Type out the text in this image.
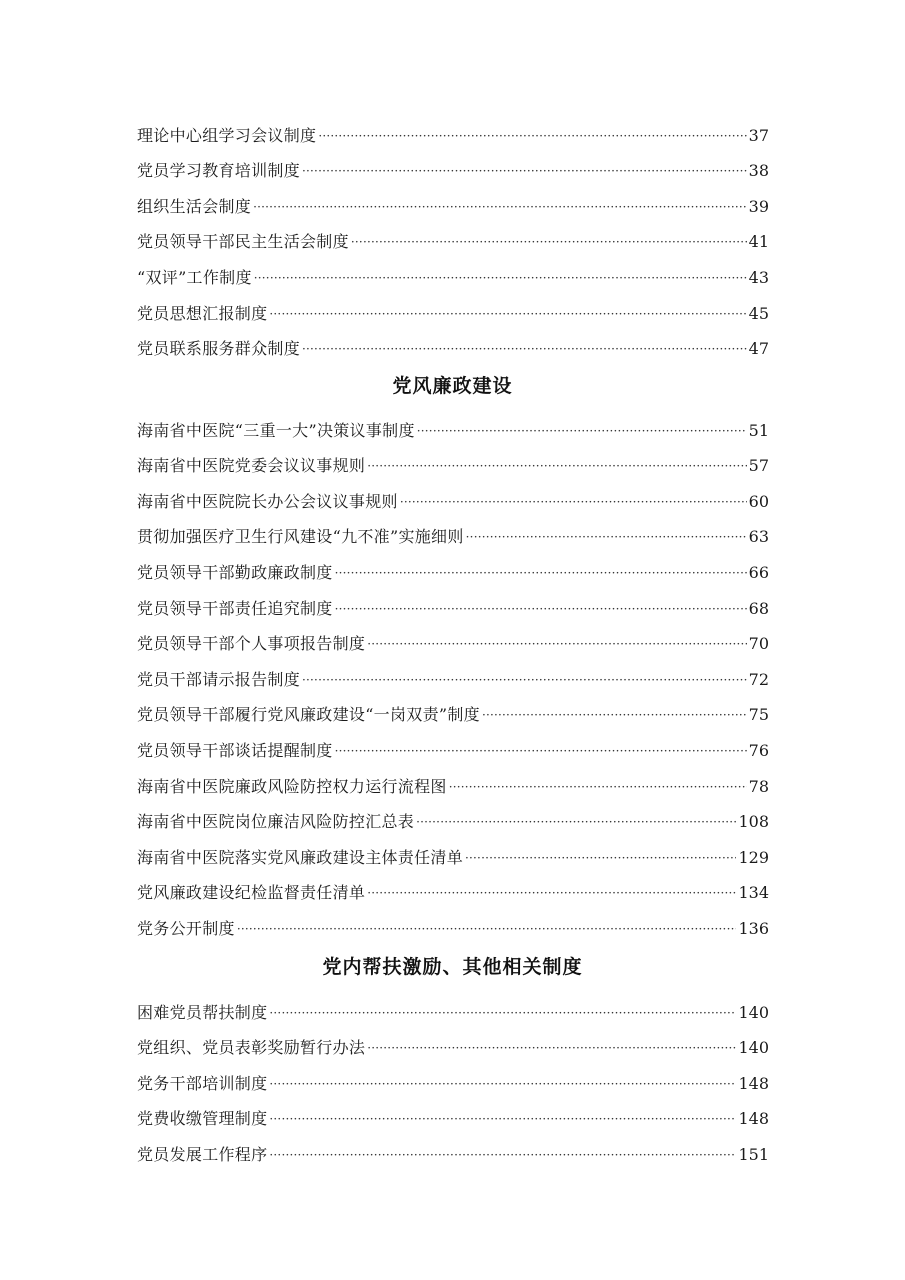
理论中心组学习会议制度 ·····	37
党员学习教育培训制度 ·····	38
组织生活会制度 ·····	39
党员领导干部民主生活会制度 ·····	41
“双评”工作制度 ·····	43
党员思想汇报制度 ·····	45
党员联系服务群众制度 ·····	47
党风廉政建设
海南省中医院“三重一大”决策议事制度 ·····	51
海南省中医院党委会议议事规则 ·····	57
海南省中医院院长办公会议议事规则 ·····	60
贯彻加强医疗卫生行风建设“九不准”实施细则 ·····	63
党员领导干部勤政廉政制度 ·····	66
党员领导干部责任追究制度 ·····	68
党员领导干部个人事项报告制度 ·····	70
党员干部请示报告制度 ·····	72
党员领导干部履行党风廉政建设“一岗双责”制度 ·····	75
党员领导干部谈话提醒制度 ·····	76
海南省中医院廉政风险防控权力运行流程图 ·····	78
海南省中医院岗位廉洁风险防控汇总表 ·····	108
海南省中医院落实党风廉政建设主体责任清单 ·····	129
党风廉政建设纪检监督责任清单 ·····	134
党务公开制度 ·····	136
党内帮扶激励、其他相关制度
困难党员帮扶制度 ·····	140
党组织、党员表彰奖励暂行办法 ·····	140
党务干部培训制度 ·····	148
党费收缴管理制度 ·····	148
党员发展工作程序 ·····	151
